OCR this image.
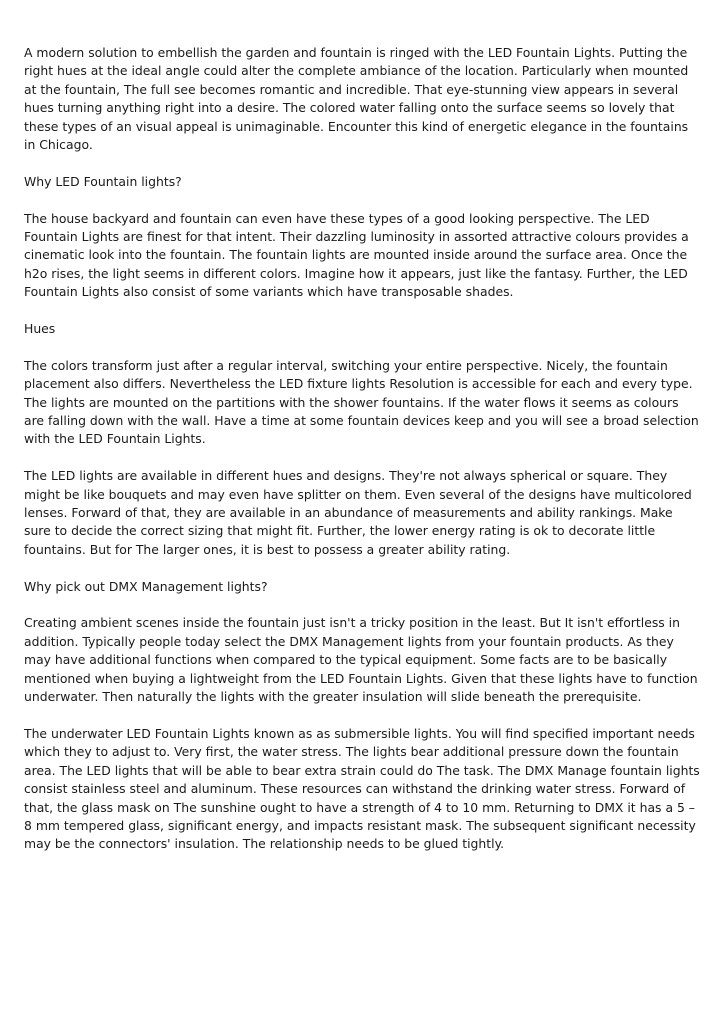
A modern solution to embellish the garden and fountain is ringed with the LED Fountain Lights. Putting the right hues at the ideal angle could alter the complete ambiance of the location. Particularly when mounted at the fountain, The full see becomes romantic and incredible. That eye-stunning view appears in several hues turning anything right into a desire. The colored water falling onto the surface seems so lovely that these types of an visual appeal is unimaginable. Encounter this kind of energetic elegance in the fountains in Chicago.

Why LED Fountain lights?

The house backyard and fountain can even have these types of a good looking perspective. The LED Fountain Lights are finest for that intent. Their dazzling luminosity in assorted attractive colours provides a cinematic look into the fountain. The fountain lights are mounted inside around the surface area. Once the h2o rises, the light seems in different colors. Imagine how it appears, just like the fantasy. Further, the LED Fountain Lights also consist of some variants which have transposable shades.

Hues

The colors transform just after a regular interval, switching your entire perspective. Nicely, the fountain placement also differs. Nevertheless the LED fixture lights Resolution is accessible for each and every type. The lights are mounted on the partitions with the shower fountains. If the water flows it seems as colours are falling down with the wall. Have a time at some fountain devices keep and you will see a broad selection with the LED Fountain Lights.

The LED lights are available in different hues and designs. They're not always spherical or square. They might be like bouquets and may even have splitter on them. Even several of the designs have multicolored lenses. Forward of that, they are available in an abundance of measurements and ability rankings. Make sure to decide the correct sizing that might fit. Further, the lower energy rating is ok to decorate little fountains. But for The larger ones, it is best to possess a greater ability rating.

Why pick out DMX Management lights?

Creating ambient scenes inside the fountain just isn't a tricky position in the least. But It isn't effortless in addition. Typically people today select the DMX Management lights from your fountain products. As they may have additional functions when compared to the typical equipment. Some facts are to be basically mentioned when buying a lightweight from the LED Fountain Lights. Given that these lights have to function underwater. Then naturally the lights with the greater insulation will slide beneath the prerequisite.

The underwater LED Fountain Lights known as as submersible lights. You will find specified important needs which they to adjust to. Very first, the water stress. The lights bear additional pressure down the fountain area. The LED lights that will be able to bear extra strain could do The task. The DMX Manage fountain lights consist stainless steel and aluminum. These resources can withstand the drinking water stress. Forward of that, the glass mask on The sunshine ought to have a strength of 4 to 10 mm. Returning to DMX it has a 5 – 8 mm tempered glass, significant energy, and impacts resistant mask. The subsequent significant necessity may be the connectors' insulation. The relationship needs to be glued tightly.
